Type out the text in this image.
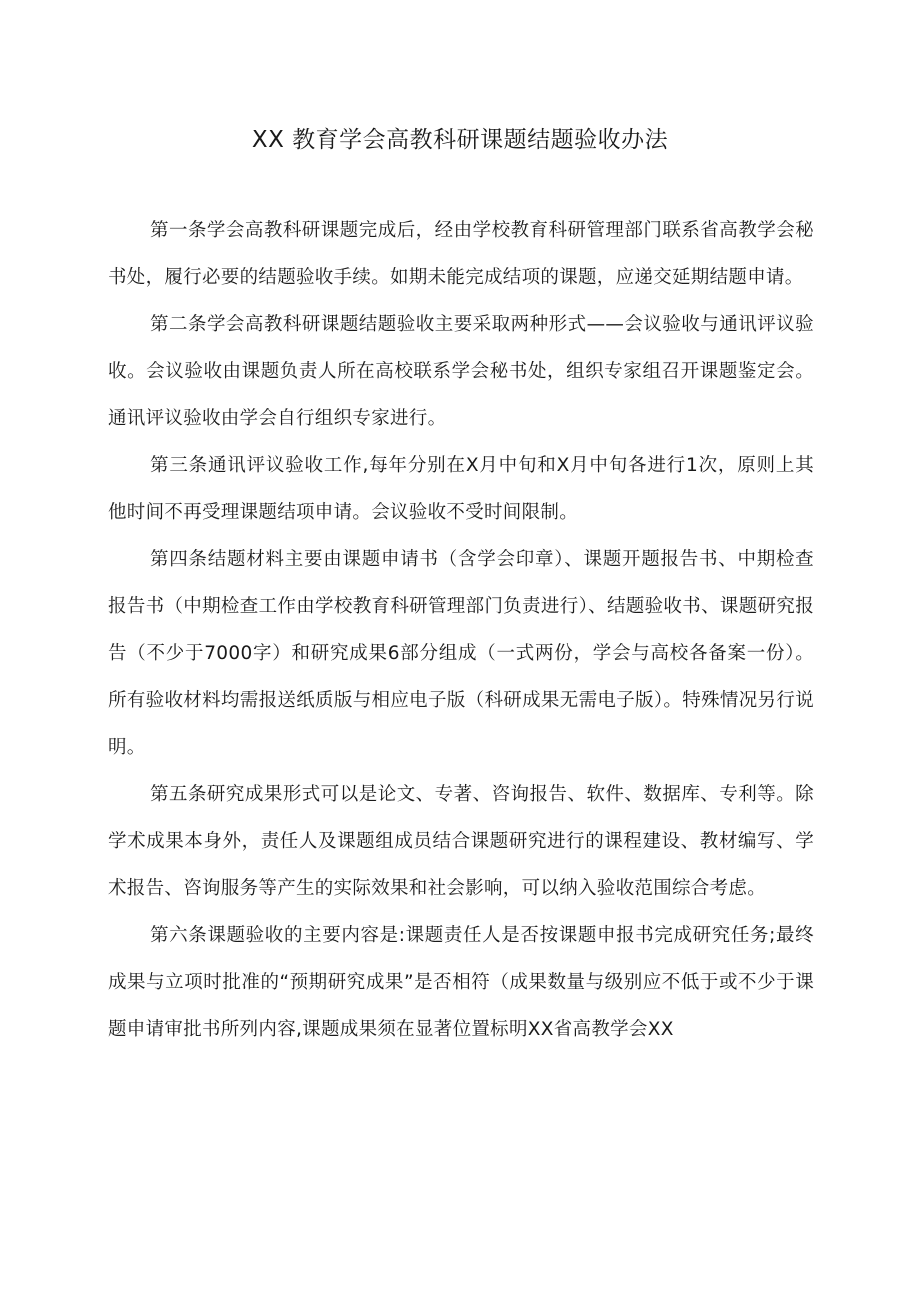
XX 教育学会高教科研课题结题验收办法

第一条学会高教科研课题完成后，经由学校教育科研管理部门联系省高教学会秘书处，履行必要的结题验收手续。如期未能完成结项的课题，应递交延期结题申请。

第二条学会高教科研课题结题验收主要采取两种形式——会议验收与通讯评议验收。会议验收由课题负责人所在高校联系学会秘书处，组织专家组召开课题鉴定会。通讯评议验收由学会自行组织专家进行。

第三条通讯评议验收工作,每年分别在X月中旬和X月中旬各进行1次，原则上其他时间不再受理课题结项申请。会议验收不受时间限制。

第四条结题材料主要由课题申请书（含学会印章）、课题开题报告书、中期检查报告书（中期检查工作由学校教育科研管理部门负责进行）、结题验收书、课题研究报告（不少于7000字）和研究成果6部分组成（一式两份，学会与高校各备案一份）。所有验收材料均需报送纸质版与相应电子版（科研成果无需电子版）。特殊情况另行说明。

第五条研究成果形式可以是论文、专著、咨询报告、软件、数据库、专利等。除学术成果本身外，责任人及课题组成员结合课题研究进行的课程建设、教材编写、学术报告、咨询服务等产生的实际效果和社会影响，可以纳入验收范围综合考虑。

第六条课题验收的主要内容是:课题责任人是否按课题申报书完成研究任务;最终成果与立项时批准的“预期研究成果”是否相符（成果数量与级别应不低于或不少于课题申请审批书所列内容,课题成果须在显著位置标明XX省高教学会XX
